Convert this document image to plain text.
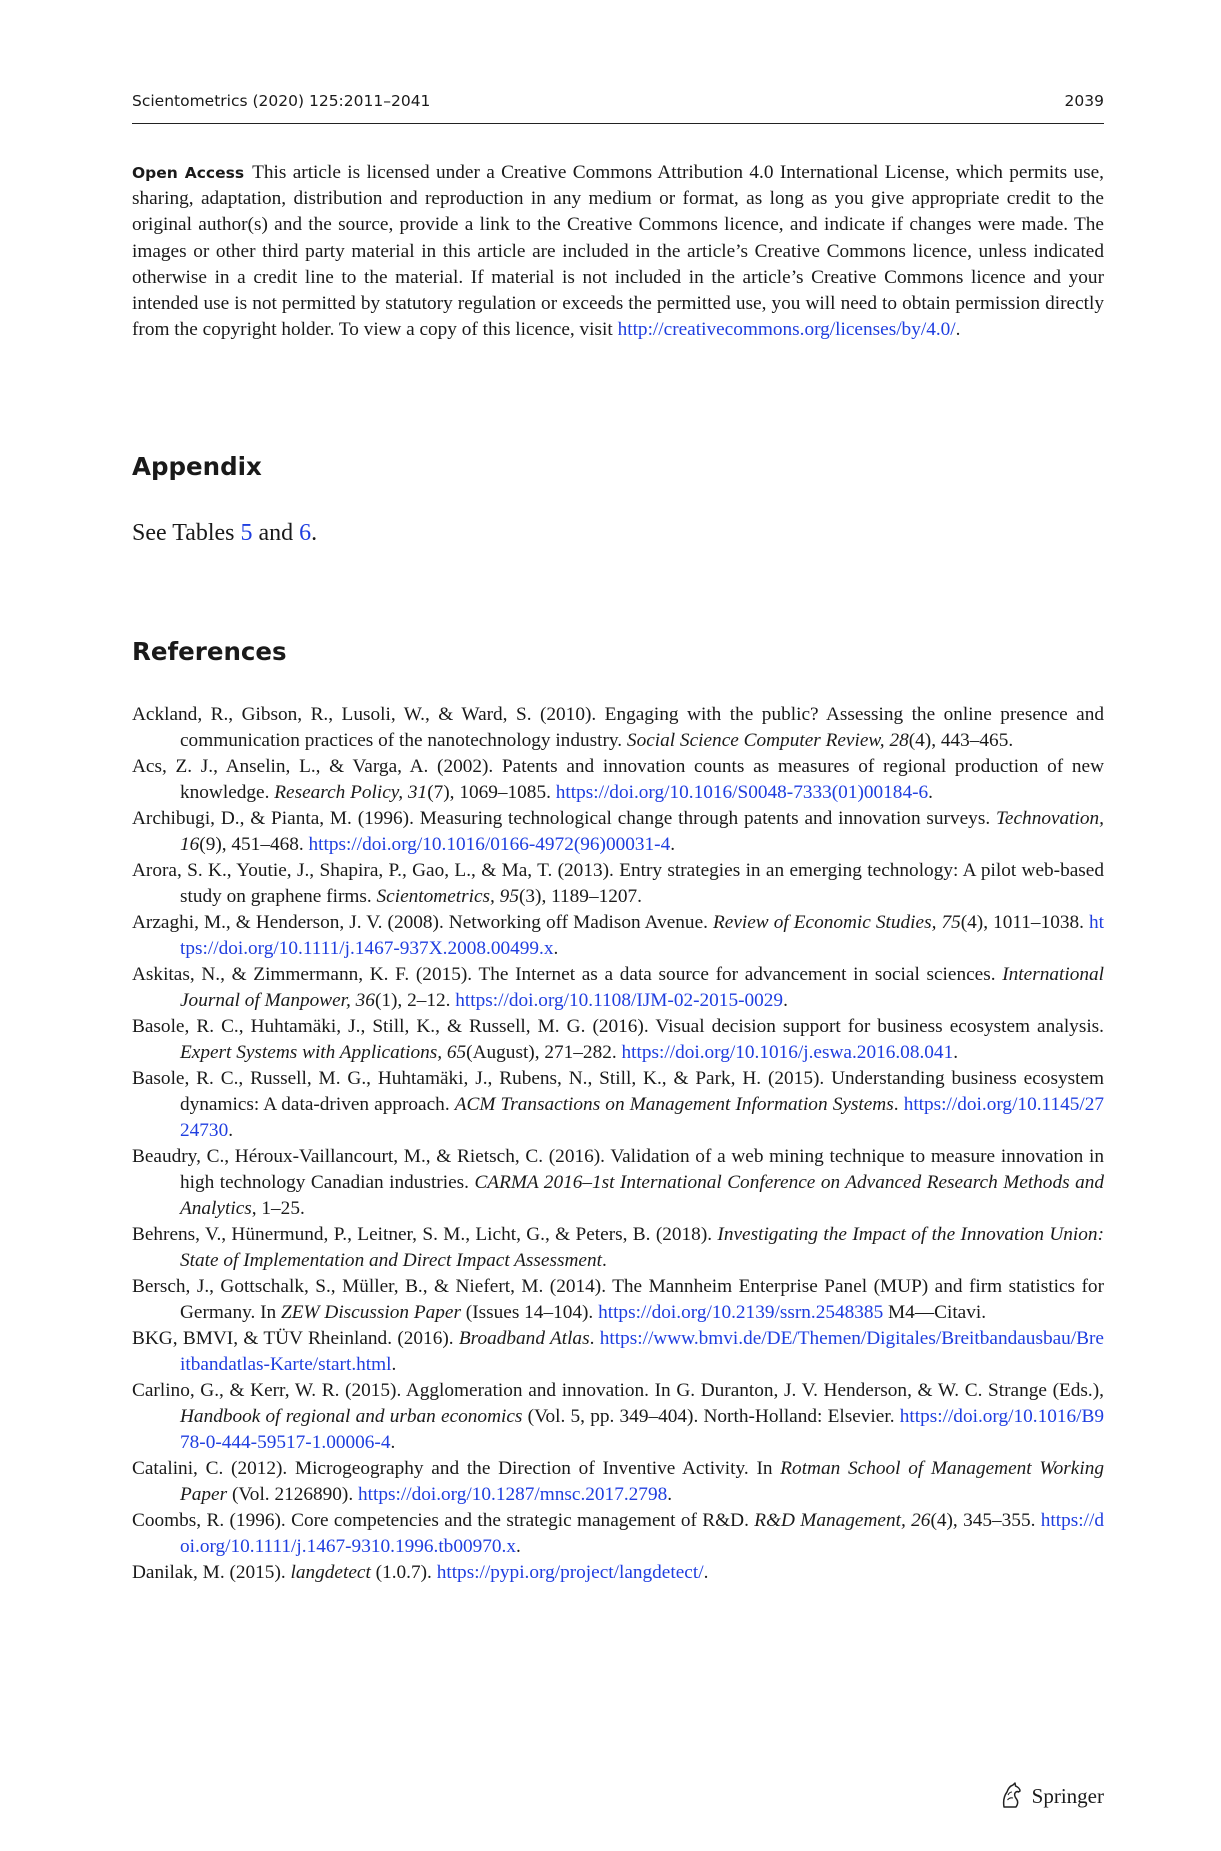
Scientometrics (2020) 125:2011–2041	2039
Open Access This article is licensed under a Creative Commons Attribution 4.0 International License, which permits use, sharing, adaptation, distribution and reproduction in any medium or format, as long as you give appropriate credit to the original author(s) and the source, provide a link to the Creative Commons licence, and indicate if changes were made. The images or other third party material in this article are included in the article’s Creative Commons licence, unless indicated otherwise in a credit line to the material. If material is not included in the article’s Creative Commons licence and your intended use is not permitted by statutory regulation or exceeds the permitted use, you will need to obtain permission directly from the copyright holder. To view a copy of this licence, visit http://creativecommons.org/licenses/by/4.0/.
Appendix
See Tables 5 and 6.
References
Ackland, R., Gibson, R., Lusoli, W., & Ward, S. (2010). Engaging with the public? Assessing the online presence and communication practices of the nanotechnology industry. Social Science Computer Review, 28(4), 443–465.
Acs, Z. J., Anselin, L., & Varga, A. (2002). Patents and innovation counts as measures of regional production of new knowledge. Research Policy, 31(7), 1069–1085. https://doi.org/10.1016/S0048-7333(01)00184-6.
Archibugi, D., & Pianta, M. (1996). Measuring technological change through patents and innovation surveys. Technovation, 16(9), 451–468. https://doi.org/10.1016/0166-4972(96)00031-4.
Arora, S. K., Youtie, J., Shapira, P., Gao, L., & Ma, T. (2013). Entry strategies in an emerging technology: A pilot web-based study on graphene firms. Scientometrics, 95(3), 1189–1207.
Arzaghi, M., & Henderson, J. V. (2008). Networking off Madison Avenue. Review of Economic Studies, 75(4), 1011–1038. https://doi.org/10.1111/j.1467-937X.2008.00499.x.
Askitas, N., & Zimmermann, K. F. (2015). The Internet as a data source for advancement in social sciences. International Journal of Manpower, 36(1), 2–12. https://doi.org/10.1108/IJM-02-2015-0029.
Basole, R. C., Huhtamäki, J., Still, K., & Russell, M. G. (2016). Visual decision support for business ecosystem analysis. Expert Systems with Applications, 65(August), 271–282. https://doi.org/10.1016/j.eswa.2016.08.041.
Basole, R. C., Russell, M. G., Huhtamäki, J., Rubens, N., Still, K., & Park, H. (2015). Understanding business ecosystem dynamics: A data-driven approach. ACM Transactions on Management Information Systems. https://doi.org/10.1145/2724730.
Beaudry, C., Héroux-Vaillancourt, M., & Rietsch, C. (2016). Validation of a web mining technique to measure innovation in high technology Canadian industries. CARMA 2016–1st International Conference on Advanced Research Methods and Analytics, 1–25.
Behrens, V., Hünermund, P., Leitner, S. M., Licht, G., & Peters, B. (2018). Investigating the Impact of the Innovation Union: State of Implementation and Direct Impact Assessment.
Bersch, J., Gottschalk, S., Müller, B., & Niefert, M. (2014). The Mannheim Enterprise Panel (MUP) and firm statistics for Germany. In ZEW Discussion Paper (Issues 14–104). https://doi.org/10.2139/ssrn.2548385 M4—Citavi.
BKG, BMVI, & TÜV Rheinland. (2016). Broadband Atlas. https://www.bmvi.de/DE/Themen/Digitales/Breitbandausbau/Breitbandatlas-Karte/start.html.
Carlino, G., & Kerr, W. R. (2015). Agglomeration and innovation. In G. Duranton, J. V. Henderson, & W. C. Strange (Eds.), Handbook of regional and urban economics (Vol. 5, pp. 349–404). North-Holland: Elsevier. https://doi.org/10.1016/B978-0-444-59517-1.00006-4.
Catalini, C. (2012). Microgeography and the Direction of Inventive Activity. In Rotman School of Management Working Paper (Vol. 2126890). https://doi.org/10.1287/mnsc.2017.2798.
Coombs, R. (1996). Core competencies and the strategic management of R&D. R&D Management, 26(4), 345–355. https://doi.org/10.1111/j.1467-9310.1996.tb00970.x.
Danilak, M. (2015). langdetect (1.0.7). https://pypi.org/project/langdetect/.
Springer
